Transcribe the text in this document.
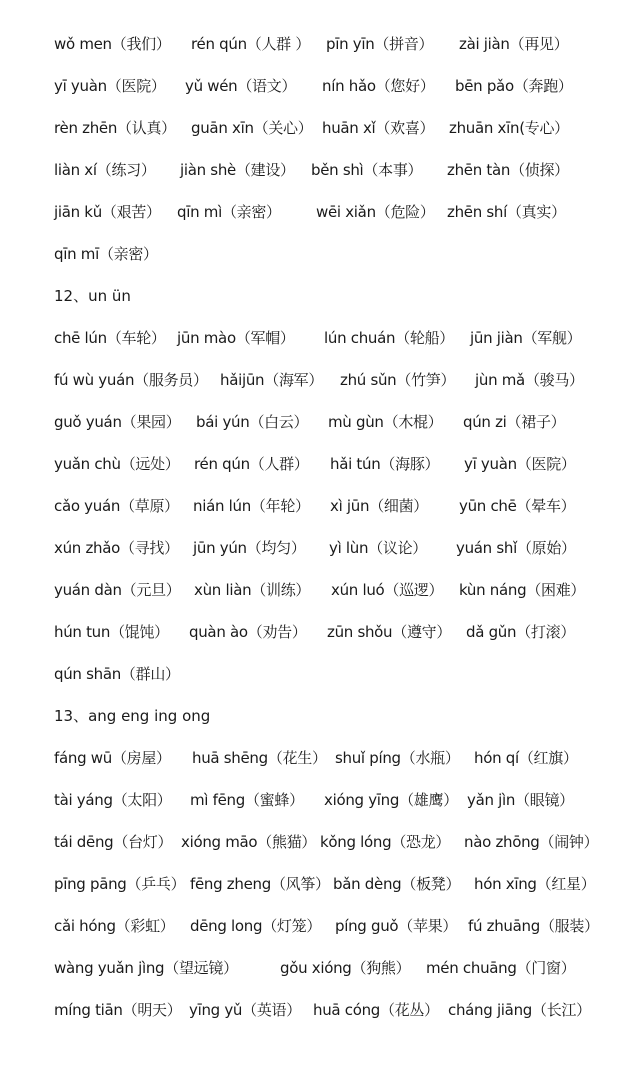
wǒ men（我们） rén qún（人群 ） pīn yīn（拼音） zài jiàn（再见）
yī yuàn（医院） yǔ wén（语文） nín hǎo（您好） bēn pǎo（奔跑）
rèn zhēn（认真） guān xīn（关心） huān xǐ（欢喜） zhuān xīn(专心）
liàn xí（练习） jiàn shè（建设） běn shì（本事） zhēn tàn（侦探）
jiān kǔ（艰苦） qīn mì（亲密） wēi xiǎn（危险） zhēn shí（真实）
qīn mī（亲密）
12、un ün
chē lún（车轮） jūn mào（军帽） lún chuán（轮船） jūn jiàn（军舰）
fú wù yuán（服务员） hǎijūn（海军） zhú sǔn（竹笋） jùn mǎ（骏马）
guǒ yuán（果园） bái yún（白云） mù gùn（木棍） qún zi（裙子）
yuǎn chù（远处） rén qún（人群） hǎi tún（海豚） yī yuàn（医院）
cǎo yuán（草原） nián lún（年轮） xì jūn（细菌） yūn chē（晕车）
xún zhǎo（寻找） jūn yún（均匀） yì lùn（议论） yuán shǐ（原始）
yuán dàn（元旦） xùn liàn（训练） xún luó（巡逻） kùn náng（困难）
hún tun（馄饨） quàn ào（劝告） zūn shǒu（遵守） dǎ gǔn（打滚）
qún shān（群山）
13、ang eng ing ong
fáng wū（房屋） huā shēng（花生） shuǐ píng（水瓶） hón qí（红旗）
tài yáng（太阳） mì fēng（蜜蜂） xióng yīng（雄鹰） yǎn jìn（眼镜）
tái dēng（台灯） xióng māo（熊猫） kǒng lóng（恐龙） nào zhōng（闹钟）
pīng pāng（乒乓） fēng zheng（风筝） bǎn dèng（板凳） hón xīng（红星）
cǎi hóng（彩虹） dēng long（灯笼） píng guǒ（苹果） fú zhuāng（服装）
wàng yuǎn jìng（望远镜）	gǒu xióng（狗熊） mén chuāng（门窗）
míng tiān（明天） yīng yǔ（英语） huā cóng（花丛） cháng jiāng（长江）
